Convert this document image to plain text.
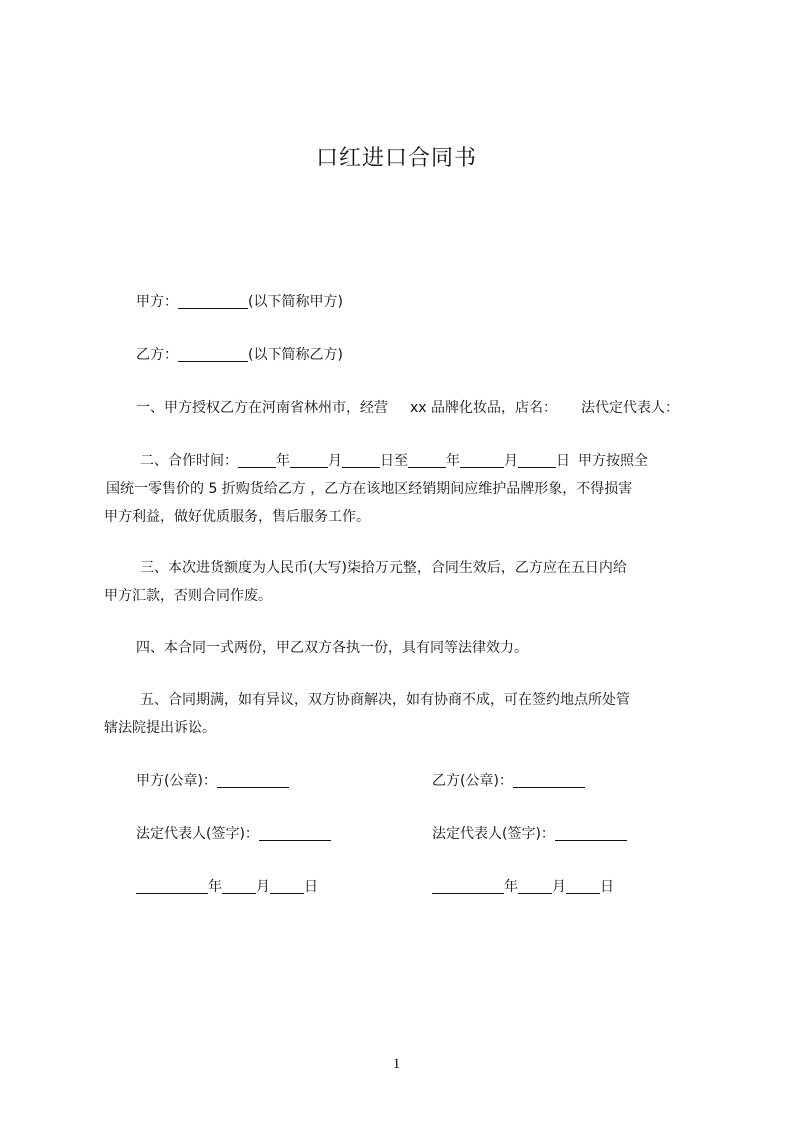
口红进口合同书
甲方：	(以下简称甲方)
乙方：	(以下简称乙方)
一、甲方授权乙方在河南省林州市，经营 xx 品牌化妆品，店名： 法代定代表人：
二、合作时间：	年	月	日至	年	月	日 甲方按照全
国统一零售价的 5 折购货给乙方 ，乙方在该地区经销期间应维护品牌形象，不得损害
甲方利益，做好优质服务，售后服务工作。
三、本次进货额度为人民币(大写)柒拾万元整，合同生效后，乙方应在五日内给
甲方汇款，否则合同作废。
四、本合同一式两份，甲乙双方各执一份，具有同等法律效力。
五、合同期满，如有异议，双方协商解决，如有协商不成，可在签约地点所处管
辖法院提出诉讼。
甲方(公章)：	乙方(公章)：
法定代表人(签字)：	法定代表人(签字)：
年 月 日	年 月 日
1
